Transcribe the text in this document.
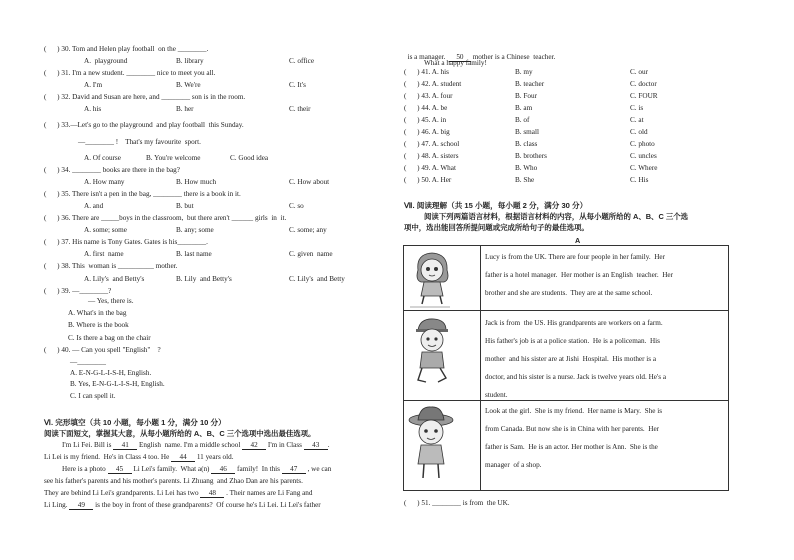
(      ) 30. Tom and Helen play football  on the ________.
A.  playground	B. library	C. office
(      ) 31. I'm a new student. ________ nice to meet you all.
A. I'm	B. We're	C. It's
(      ) 32. David and Susan are here, and ________ son is in the room.
A. his	B. her	C. their
(      ) 33.—Let's go to the playground  and play football  this Sunday.
—________ !    That's my favourite  sport.
A. Of course	B. You're welcome	C. Good idea
(      ) 34. ________ books are there in the bag?
A. How many	B. How much	C. How about
(      ) 35. There isn't a pen in the bag, ________ there is a book in it.
A. and	B. but	C. so
(      ) 36. There are _____boys in the classroom,  but there aren't ______ girls  in  it.
A. some; some	B. any; some	C. some; any
(      ) 37. His name is Tony Gates. Gates is his________.
A. first  name	B. last name	C. given  name
(      ) 38. This  woman is __________ mother.
A. Lily's  and Betty's	B. Lily  and Betty's	C. Lily's  and Betty
(      ) 39. —________?
— Yes, there is.
A. What's in the bag
B. Where is the book
C. Is there a bag on the chair
(      ) 40. — Can you spell "English"    ?
—________
A. E-N-G-L-I-S-H, English.
B. Yes, E-N-G-L-I-S-H, English.
C. I can spell it.
Ⅵ. 完形填空（共 10 小题，每小题 1 分，满分 10 分）
阅读下面短文，掌握其大意，从每小题所给的 A、B、C 三个选项中选出最佳选项。
I'm Li Fei. Bill is 41 English  name. I'm a middle school 42 I'm in Class 43 .
Li Lei is my friend.  He's in Class 4 too. He 44 11 years old.
Here is a photo 45 Li Lei's family.  What a(n) 46 family!  In this 47 , we can
see his father's parents and his mother's parents. Li Zhuang  and Zhao Dan are his parents.
They are behind Li Lei's grandparents. Li Lei has two 48 . Their names are Li Fang and
Li Ling. 49 is the boy in front of these grandparents?  Of course he's Li Lei. Li Lei's father

is a manager.  50 mother is a Chinese  teacher.

What a happy family!
(      ) 41. A. his	B. my	C. our
(      ) 42. A. student	B. teacher	C. doctor
(      ) 43. A. four	B. Four	C. FOUR
(      ) 44. A. be	B. am	C. is
(      ) 45. A. in	B. of	C. at
(      ) 46. A. big	B. small	C. old
(      ) 47. A. school	B. class	C. photo
(      ) 48. A. sisters	B. brothers	C. uncles
(      ) 49. A. What	B. Who	C. Where
(      ) 50. A. Her	B. She	C. His
Ⅶ. 阅读理解（共 15 小题，每小题 2 分，满分 30 分）
阅读下列两篇语言材料，根据语言材料的内容，从每小题所给的 A、B、C 三个选
项中，选出能回答所提问题或完成所给句子的最佳选项。
A
Lucy is from the UK. There are four people in her family.  Her
father is a hotel manager.  Her mother is an English  teacher.  Her
brother and she are students.  They are at the same school.
Jack is from  the US. His grandparents are workers on a farm.
His father's job is at a police station.  He is a policeman.  His
mother  and his sister are at Jishi  Hospital.  His mother is a
doctor, and his sister is a nurse. Jack is twelve years old. He's a
student.
Look at the girl.  She is my friend.  Her name is Mary.  She is
from Canada. But now she is in China with her parents.  Her
father is Sam.  He is an actor. Her mother is Ann.  She is the
manager  of a shop.
(      ) 51. ________ is from  the UK.
